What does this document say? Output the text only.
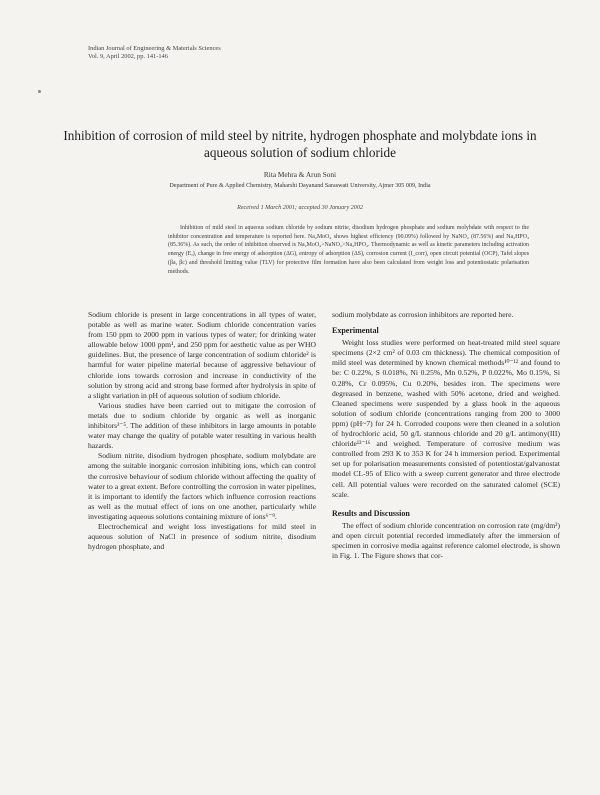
Indian Journal of Engineering & Materials Sciences
Vol. 9, April 2002, pp. 141-146
Inhibition of corrosion of mild steel by nitrite, hydrogen phosphate and molybdate ions in aqueous solution of sodium chloride
Rita Mehra & Arun Soni
Department of Pure & Applied Chemistry, Maharshi Dayanand Saraswati University, Ajmer 305 009, India
Received 1 March 2001; accepted 30 January 2002

Inhibition of mild steel in aqueous sodium chloride by sodium nitrite, disodium hydrogen phosphate and sodium molybdate with respect to the inhibitor concentration and temperature is reported here. Na₂MoO₄ shows highest efficiency (90.09%) followed by NaNO₂ (87.56%) and Na₂HPO₄ (85.36%). As such, the order of inhibition observed is Na₂MoO₄>NaNO₂>Na₂HPO₄. Thermodynamic as well as kinetic parameters including activation energy (Eₐ), change in free energy of adsorption (ΔG), entropy of adsorption (ΔS), corrosion current (I_corr), open circuit potential (OCP), Tafel slopes (βa, βc) and threshold limiting value (TLV) for protective film formation have also been calculated from weight loss and potentiostatic polarisation methods.

Sodium chloride is present in large concentrations in all types of water, potable as well as marine water. Sodium chloride concentration varies from 150 ppm to 2000 ppm in various types of water; for drinking water allowable below 1000 ppm¹, and 250 ppm for aesthetic value as per WHO guidelines. But, the presence of large concentration of sodium chloride² is harmful for water pipeline material because of aggressive behaviour of chloride ions towards corrosion and increase in conductivity of the solution by strong acid and strong base formed after hydrolysis in spite of a slight variation in pH of aqueous solution of sodium chloride.

Various studies have been carried out to mitigate the corrosion of metals due to sodium chloride by organic as well as inorganic inhibitors³⁻⁵. The addition of these inhibitors in large amounts in potable water may change the quality of potable water resulting in various health hazards.

Sodium nitrite, disodium hydrogen phosphate, sodium molybdate are among the suitable inorganic corrosion inhibiting ions, which can control the corrosive behaviour of sodium chloride without affecting the quality of water to a great extent. Before controlling the corrosion in water pipelines, it is important to identify the factors which influence corrosion reactions as well as the mutual effect of ions on one another, particularly while investigating aqueous solutions containing mixture of ions⁶⁻⁹.

Electrochemical and weight loss investigations for mild steel in aqueous solution of NaCl in presence of sodium nitrite, disodium hydrogen phosphate, and

sodium molybdate as corrosion inhibitors are reported here.

Experimental

Weight loss studies were performed on heat-treated mild steel square specimens (2×2 cm² of 0.03 cm thickness). The chemical composition of mild steel was determined by known chemical methods¹⁰⁻¹² and found to be: C 0.22%, S 0.018%, Ni 0.25%, Mn 0.52%, P 0.022%, Mo 0.15%, Si 0.28%, Cr 0.095%, Cu 0.20%, besides iron. The specimens were degreased in benzene, washed with 50% acetone, dried and weighed. Cleaned specimens were suspended by a glass hook in the aqueous solution of sodium chloride (concentrations ranging from 200 to 3000 ppm) (pH~7) for 24 h. Corroded coupons were then cleaned in a solution of hydrochloric acid, 50 g/L stannous chloride and 20 g/L antimony(III) chloride¹³⁻¹⁶ and weighed. Temperature of corrosive medium was controlled from 293 K to 353 K for 24 h immersion period. Experimental set up for polarisation measurements consisted of potentiostat/galvanostat model CL-95 of Elico with a sweep current generator and three electrode cell. All potential values were recorded on the saturated calomel (SCE) scale.

Results and Discussion

The effect of sodium chloride concentration on corrosion rate (mg/dm²) and open circuit potential recorded immediately after the immersion of specimen in corrosive media against reference calomel electrode, is shown in Fig. 1. The Figure shows that cor-
